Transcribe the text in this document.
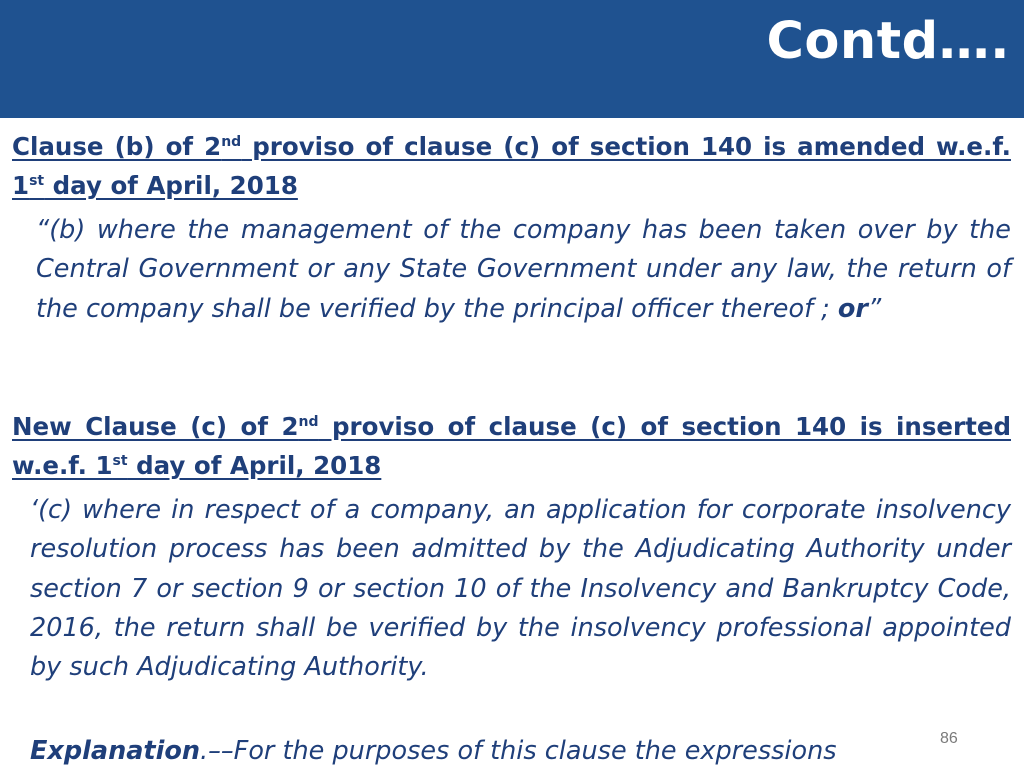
Contd….
Clause (b) of 2nd proviso of clause (c) of section 140 is amended w.e.f. 1st day of April, 2018
“(b) where the management of the company has been taken over by the Central Government or any State Government under any law, the return of the company shall be verified by the principal officer thereof ; or”
New Clause (c) of 2nd proviso of clause (c) of section 140 is inserted w.e.f. 1st day of April, 2018
‘(c) where in respect of a company, an application for corporate insolvency resolution process has been admitted by the Adjudicating Authority under section 7 or section 9 or section 10 of the Insolvency and Bankruptcy Code, 2016, the return shall be verified by the insolvency professional appointed by such Adjudicating Authority.
Explanation.––For the purposes of this clause the expressions	86
